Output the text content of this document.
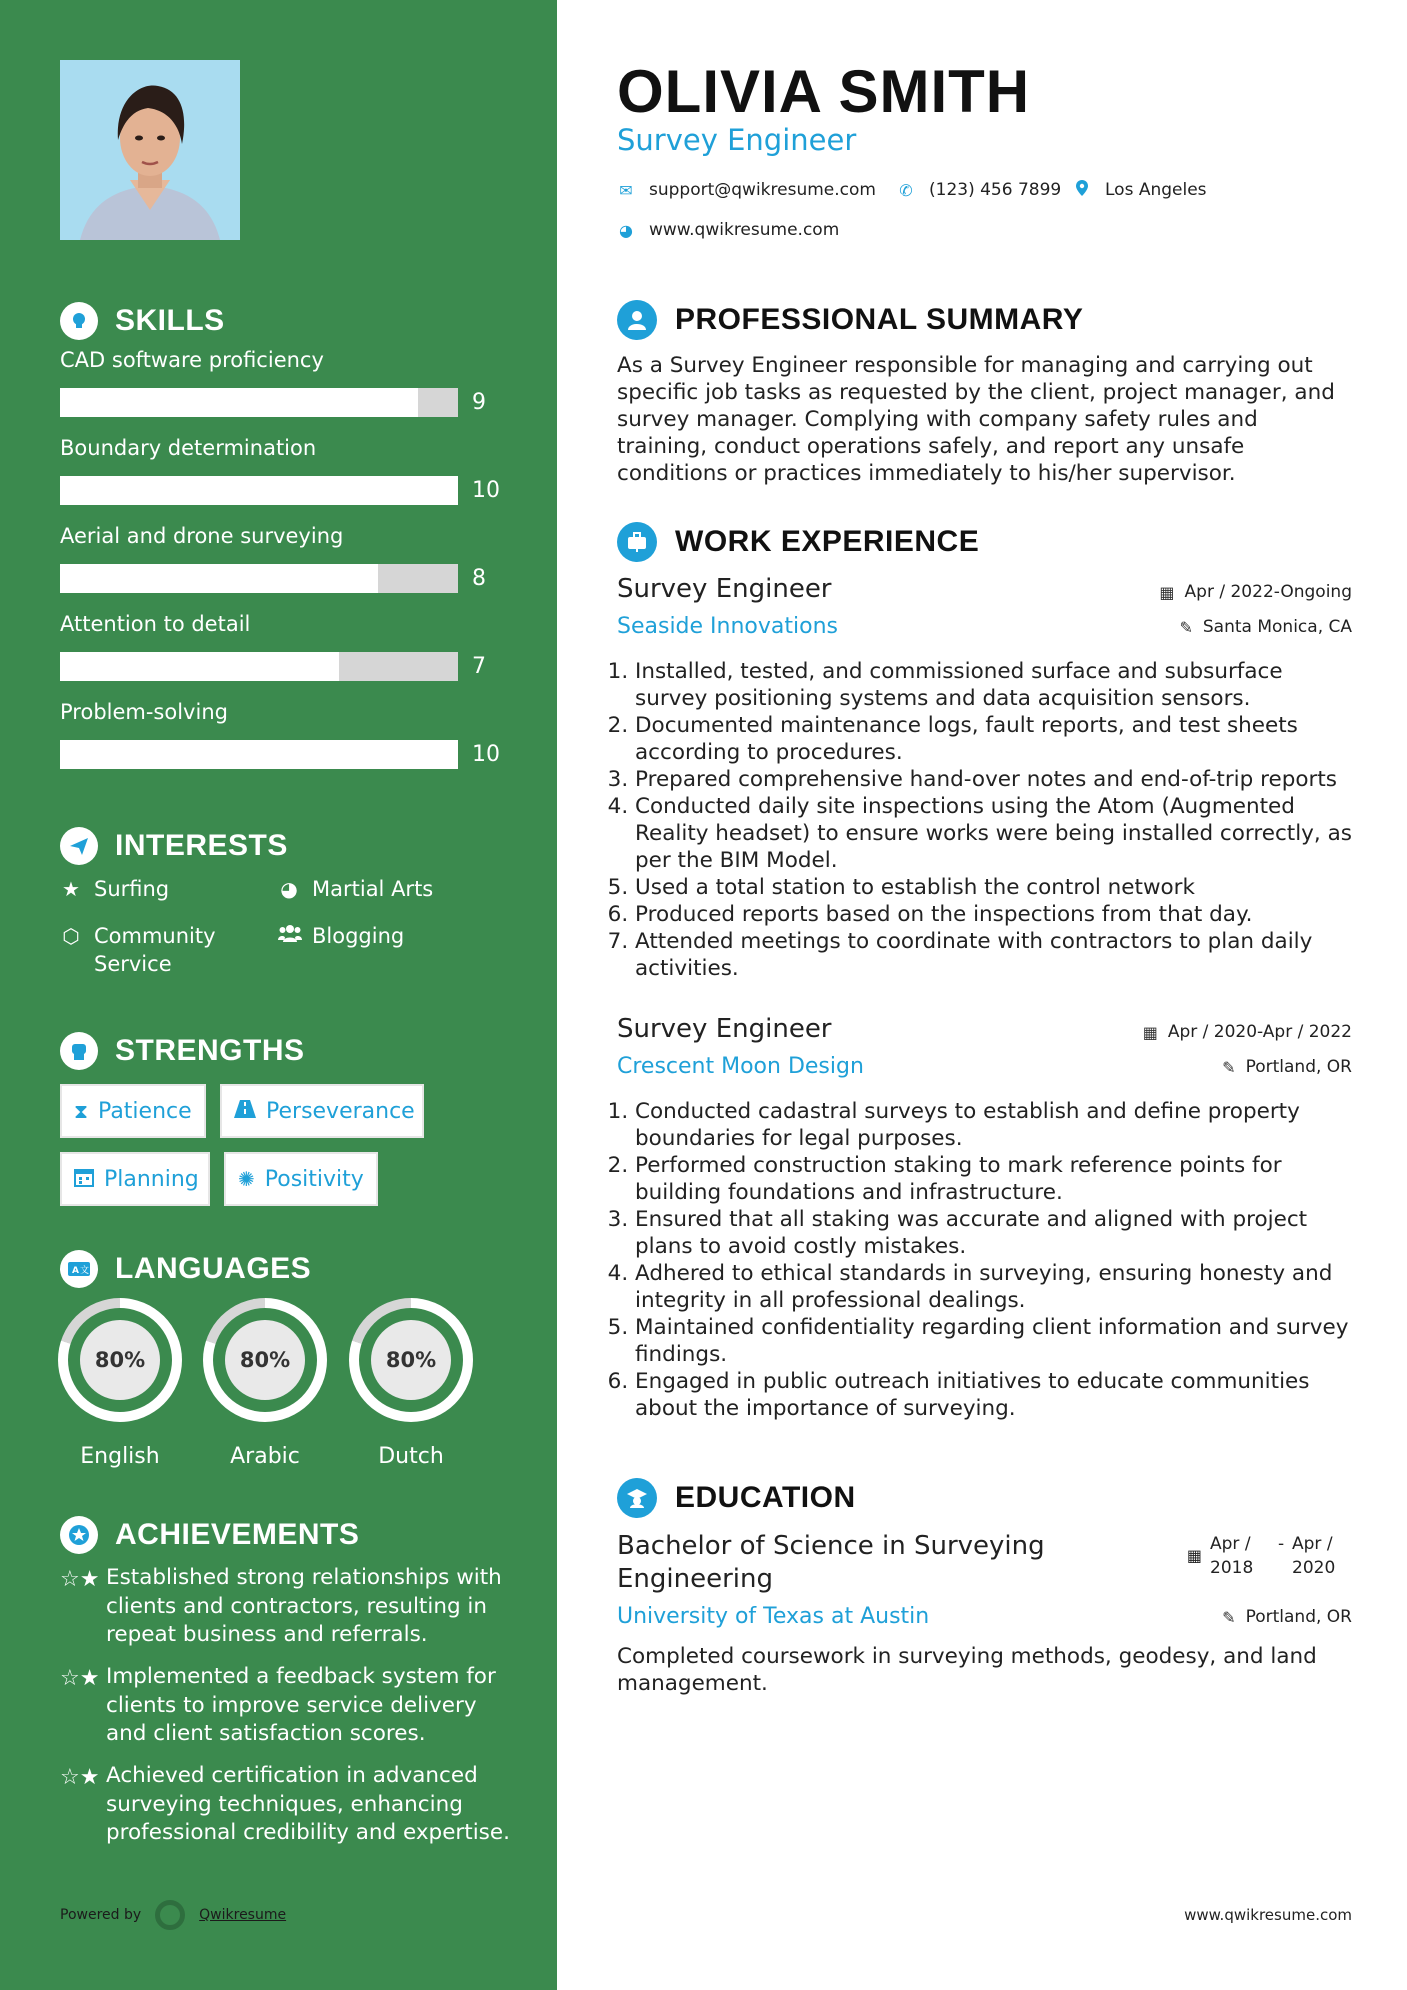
SKILLS
CAD software proficiency
9
Boundary determination
10
Aerial and drone surveying
8
Attention to detail
7
Problem-solving
10
INTERESTS
★ Surfing	◕ Martial Arts
⬡ Community Service
Blogging
STRENGTHS
⧗ Patience	Perseverance
Planning ✺ Positivity
A 文 LANGUAGES
80%
English
80%
Arabic
80%
Dutch
ACHIEVEMENTS
☆★ Established strong relationships with clients and contractors, resulting in repeat business and referrals.
☆★ Implemented a feedback system for clients to improve service delivery and client satisfaction scores.
☆★ Achieved certification in advanced surveying techniques, enhancing professional credibility and expertise.
Powered by	Qwikresume
OLIVIA SMITH
Survey Engineer
✉ support@qwikresume.com ✆ (123) 456 7899	Los Angeles
◕ www.qwikresume.com
PROFESSIONAL SUMMARY
As a Survey Engineer responsible for managing and carrying out specific job tasks as requested by the client, project manager, and survey manager. Complying with company safety rules and training, conduct operations safely, and report any unsafe conditions or practices immediately to his/her supervisor.
WORK EXPERIENCE
Survey Engineer	▦ Apr / 2022-Ongoing
Seaside Innovations	✎ Santa Monica, CA
1. Installed, tested, and commissioned surface and subsurface survey positioning systems and data acquisition sensors.
2. Documented maintenance logs, fault reports, and test sheets according to procedures.
3. Prepared comprehensive hand-over notes and end-of-trip reports
4. Conducted daily site inspections using the Atom (Augmented Reality headset) to ensure works were being installed correctly, as per the BIM Model.
5. Used a total station to establish the control network
6. Produced reports based on the inspections from that day.
7. Attended meetings to coordinate with contractors to plan daily activities.
Survey Engineer	▦ Apr / 2020-Apr / 2022
Crescent Moon Design	✎ Portland, OR
1. Conducted cadastral surveys to establish and define property boundaries for legal purposes.
2. Performed construction staking to mark reference points for building foundations and infrastructure.
3. Ensured that all staking was accurate and aligned with project plans to avoid costly mistakes.
4. Adhered to ethical standards in surveying, ensuring honesty and integrity in all professional dealings.
5. Maintained confidentiality regarding client information and survey findings.
6. Engaged in public outreach initiatives to educate communities about the importance of surveying.
EDUCATION
Bachelor of Science in Surveying Engineering
▦
Apr / 2018
- Apr / 2020
University of Texas at Austin	✎ Portland, OR
Completed coursework in surveying methods, geodesy, and land management.
www.qwikresume.com
